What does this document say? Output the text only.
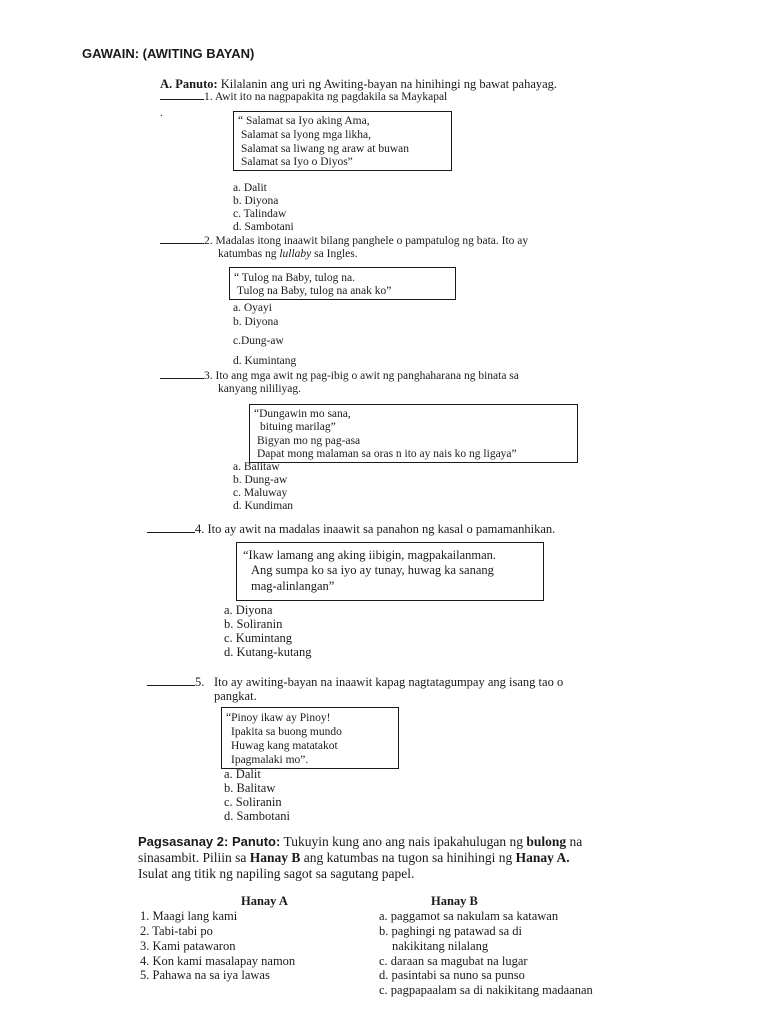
GAWAIN: (AWITING BAYAN)
A. Panuto: Kilalanin ang uri ng Awiting-bayan na hinihingi ng bawat pahayag.
1. Awit ito na nagpapakita ng pagdakila sa Maykapal
.
“ Salamat sa Iyo aking Ama,
Salamat sa lyong mga likha,
Salamat sa liwang ng araw at buwan
Salamat sa Iyo o Diyos”
a. Dalit
b. Diyona
c. Talindaw
d. Sambotani
2. Madalas itong inaawit bilang panghele o pampatulog ng bata. Ito ay
katumbas ng lullaby sa Ingles.
“ Tulog na Baby, tulog na.
Tulog na Baby, tulog na anak ko”
a. Oyayi
b. Diyona
c.Dung-aw
d. Kumintang
3. Ito ang mga awit ng pag-ibig o awit ng panghaharana ng binata sa
kanyang nililiyag.
“Dungawin mo sana,
bituing marilag”
Bigyan mo ng pag-asa
Dapat mong malaman sa oras n ito ay nais ko ng ligaya”
a. Balitaw
b. Dung-aw
c. Maluway
d. Kundiman
4. Ito ay awit na madalas inaawit sa panahon ng kasal o pamamanhikan.
“Ikaw lamang ang aking iibigin, magpakailanman.
Ang sumpa ko sa iyo ay tunay, huwag ka sanang
mag-alinlangan”
a. Diyona
b. Soliranin
c. Kumintang
d. Kutang-kutang
5. Ito ay awiting-bayan na inaawit kapag nagtatagumpay ang isang tao o
pangkat.
“Pinoy ikaw ay Pinoy!
Ipakita sa buong mundo
Huwag kang matatakot
Ipagmalaki mo”.
a. Dalit
b. Balitaw
c. Soliranin
d. Sambotani
Pagsasanay 2: Panuto: Tukuyin kung ano ang nais ipakahulugan ng bulong na
sinasambit. Piliin sa Hanay B ang katumbas na tugon sa hinihingi ng Hanay A.
Isulat ang titik ng napiling sagot sa sagutang papel.
Hanay A	Hanay B
1. Maagi lang kami
2. Tabi-tabi po
3. Kami patawaron
4. Kon kami masalapay namon
5. Pahawa na sa iya lawas
a. paggamot sa nakulam sa katawan
b. paghingi ng patawad sa di
nakikitang nilalang
c. daraan sa magubat na lugar
d. pasintabi sa nuno sa punso
c. pagpapaalam sa di nakikitang madaanan
